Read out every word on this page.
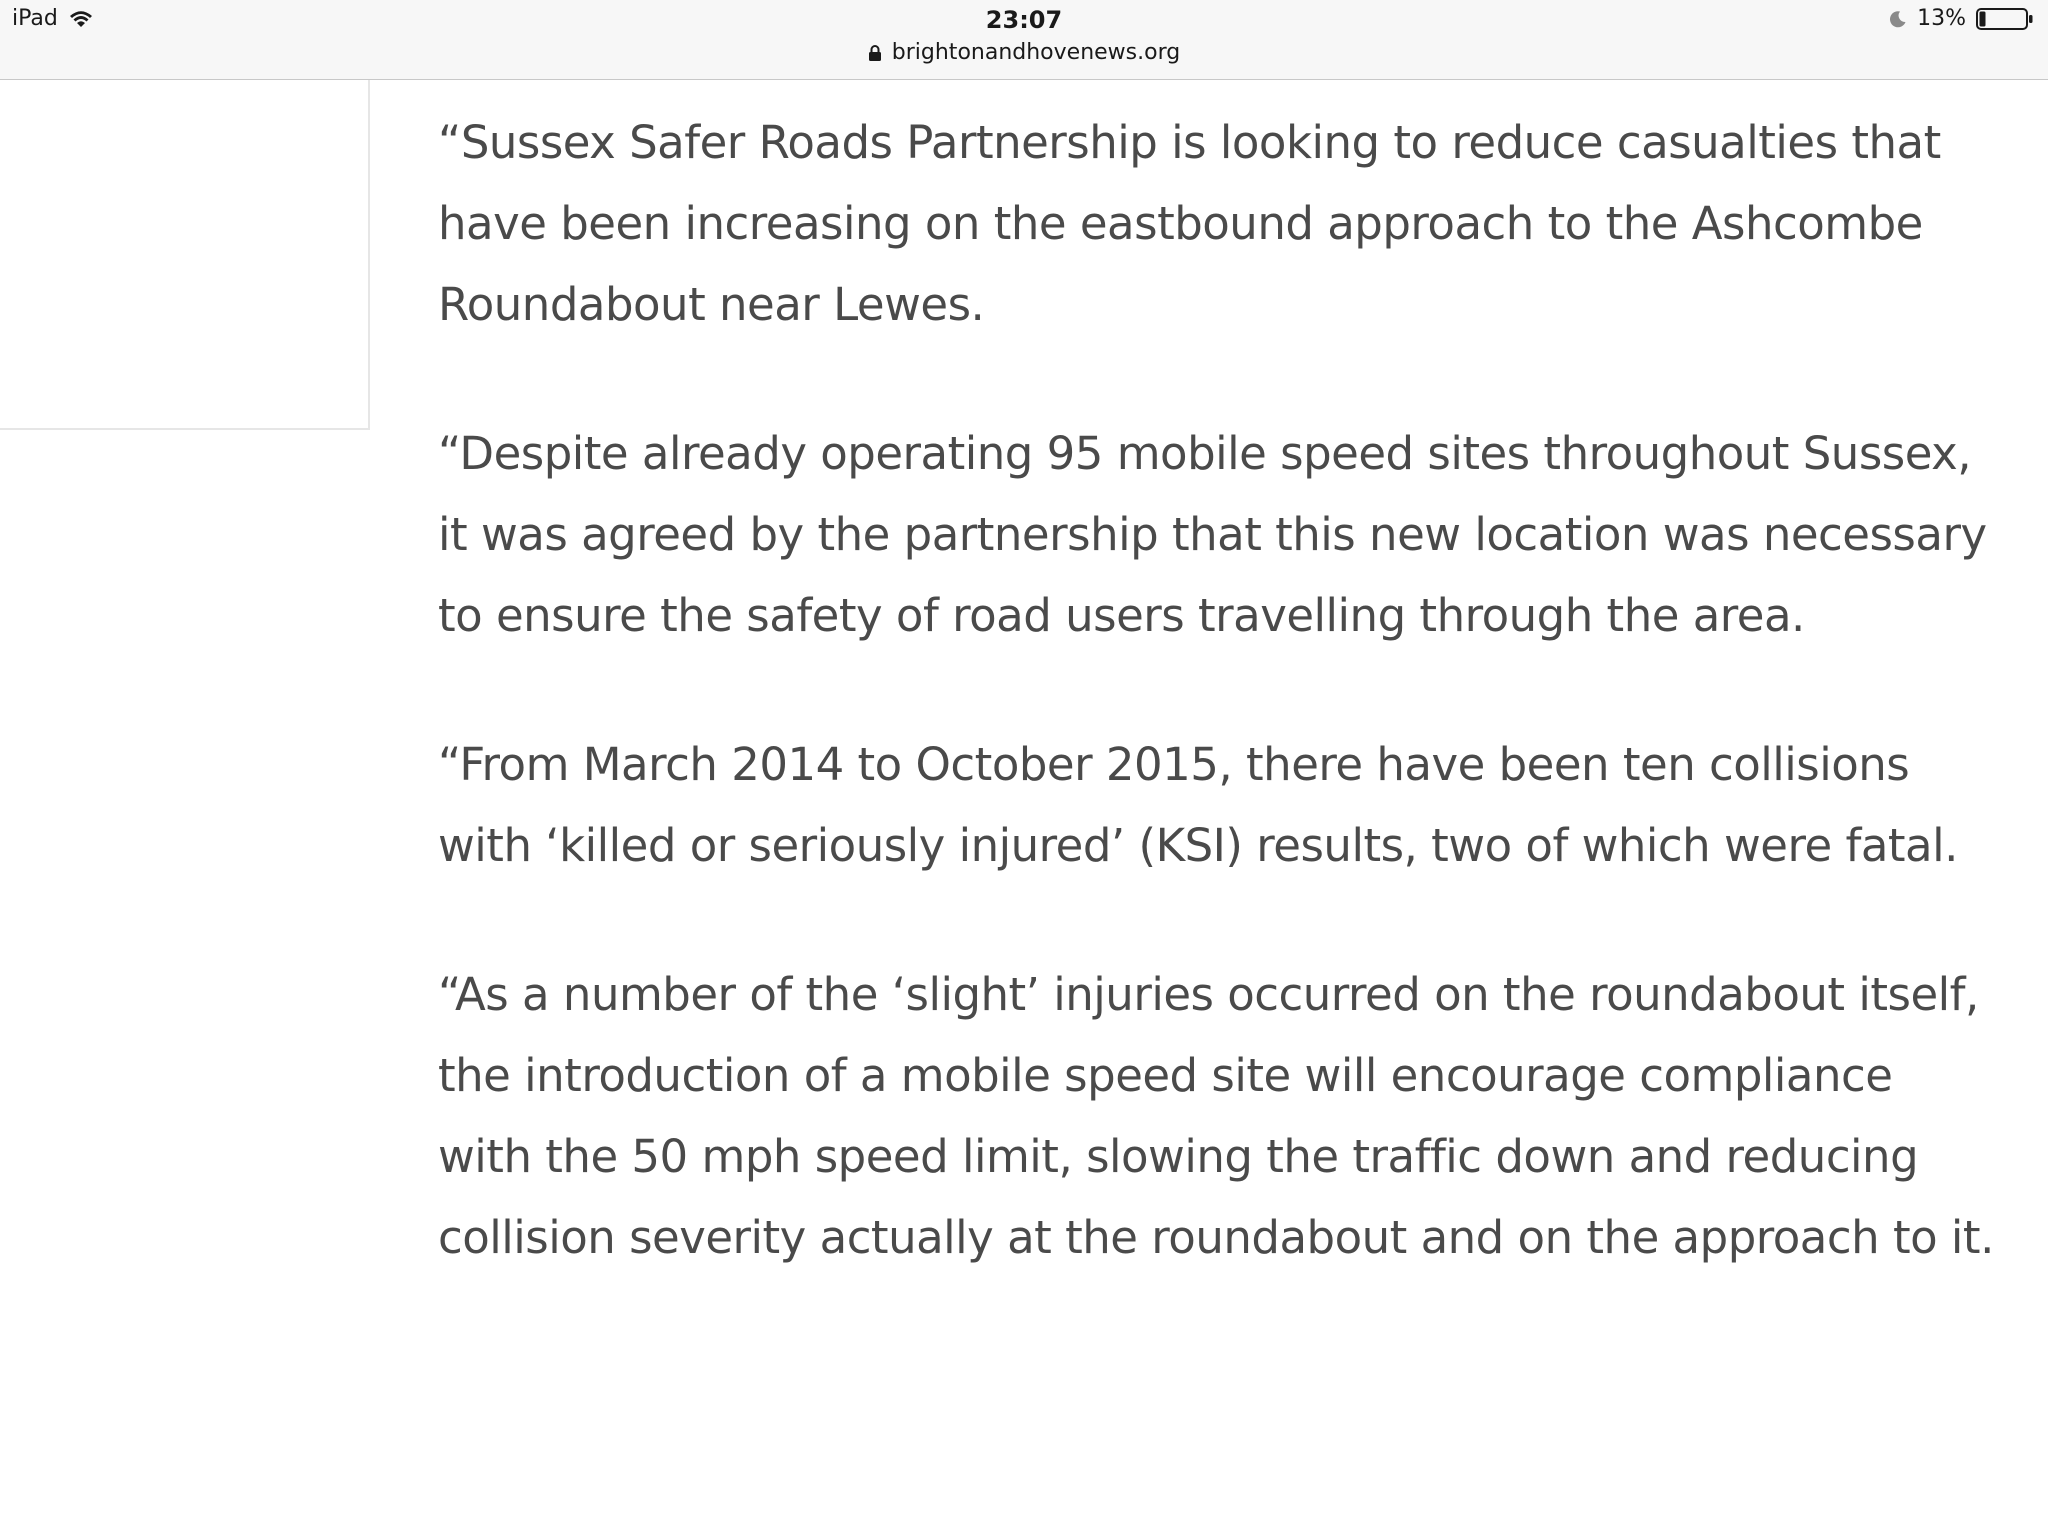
iPad	23:07
brightonandhovenews.org
13%

“Sussex Safer Roads Partnership is looking to reduce casualties that have been increasing on the eastbound approach to the Ashcombe Roundabout near Lewes.

“Despite already operating 95 mobile speed sites throughout Sussex, it was agreed by the partnership that this new location was necessary to ensure the safety of road users travelling through the area.

“From March 2014 to October 2015, there have been ten collisions with ‘killed or seriously injured’ (KSI) results, two of which were fatal.

“As a number of the ‘slight’ injuries occurred on the roundabout itself, the introduction of a mobile speed site will encourage compliance with the 50 mph speed limit, slowing the traffic down and reducing collision severity actually at the roundabout and on the approach to it.
